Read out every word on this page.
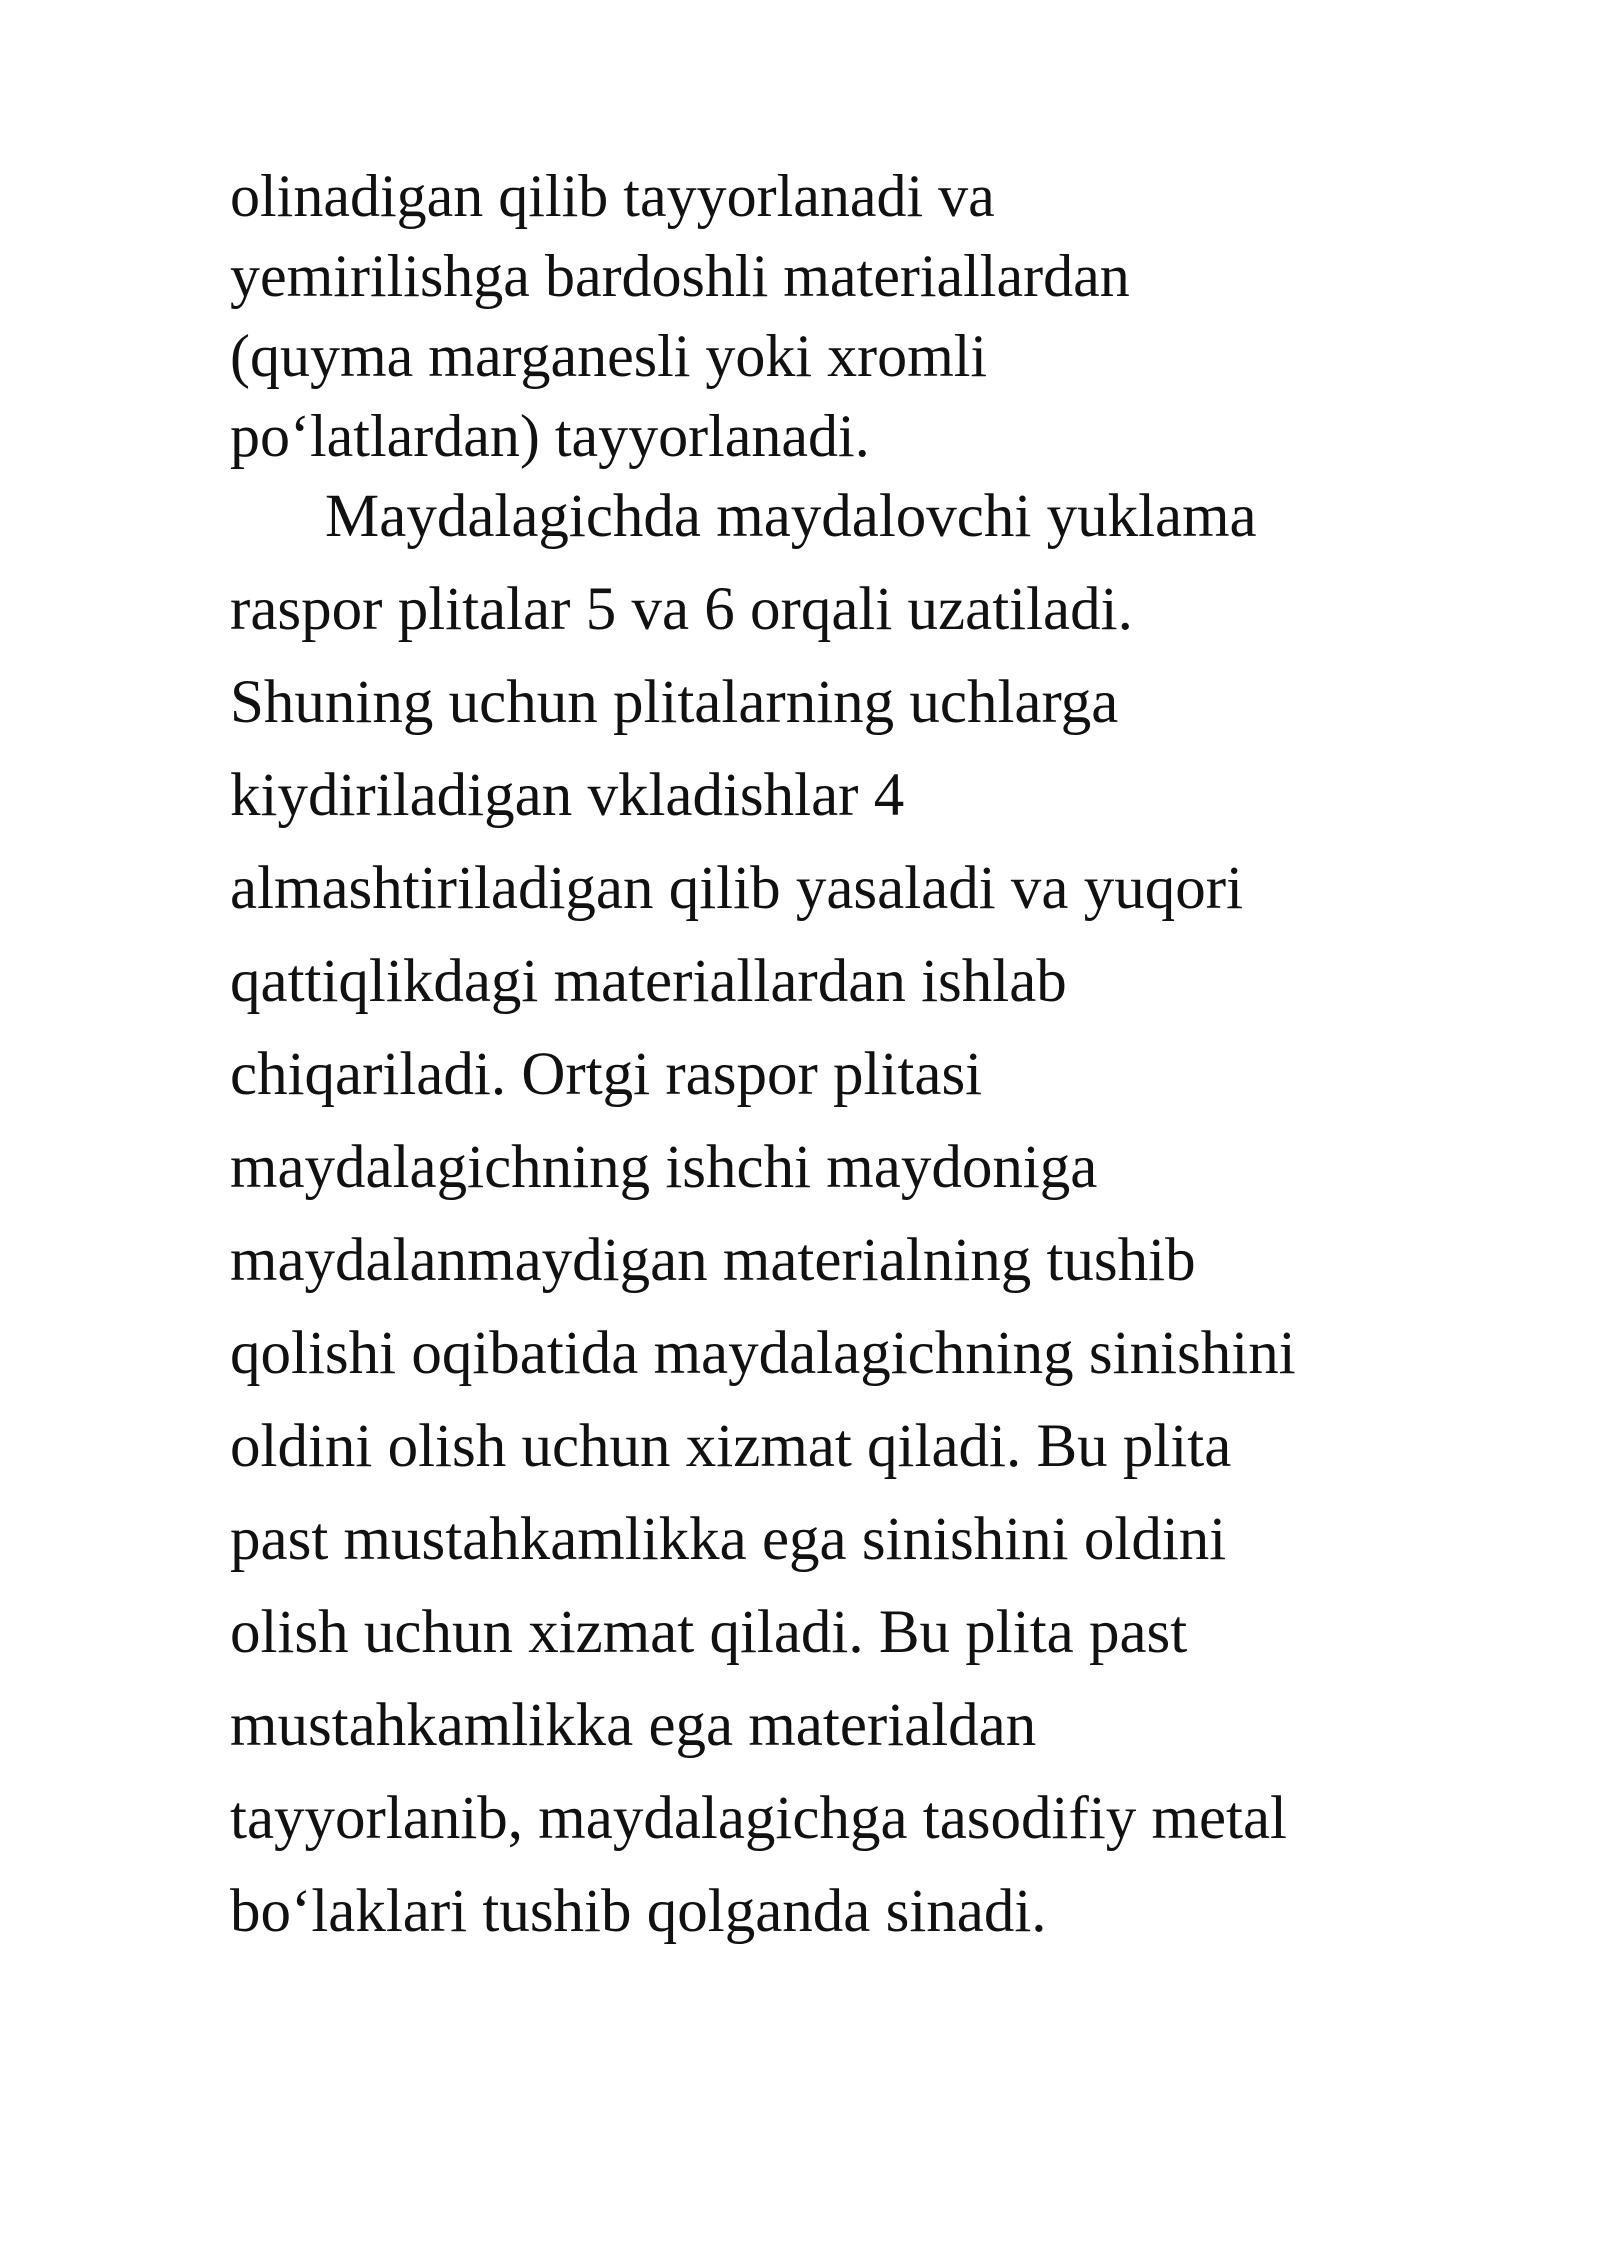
olinadigan qilib tayyorlanadi va
yemirilishga bardoshli materiallardan
(quyma marganesli yoki xromli
po‘latlardan) tayyorlanadi.
Maydalagichda maydalovchi yuklama
raspor plitalar 5 va 6 orqali uzatiladi.
Shuning uchun plitalarning uchlarga
kiydiriladigan vkladishlar 4
almashtiriladigan qilib yasaladi va yuqori
qattiqlikdagi materiallardan ishlab
chiqariladi. Ortgi raspor plitasi
maydalagichning ishchi maydoniga
maydalanmaydigan materialning tushib
qolishi oqibatida maydalagichning sinishini
oldini olish uchun xizmat qiladi. Bu plita
past mustahkamlikka ega sinishini oldini
olish uchun xizmat qiladi. Bu plita past
mustahkamlikka ega materialdan
tayyorlanib, maydalagichga tasodifiy metal
bo‘laklari tushib qolganda sinadi.
